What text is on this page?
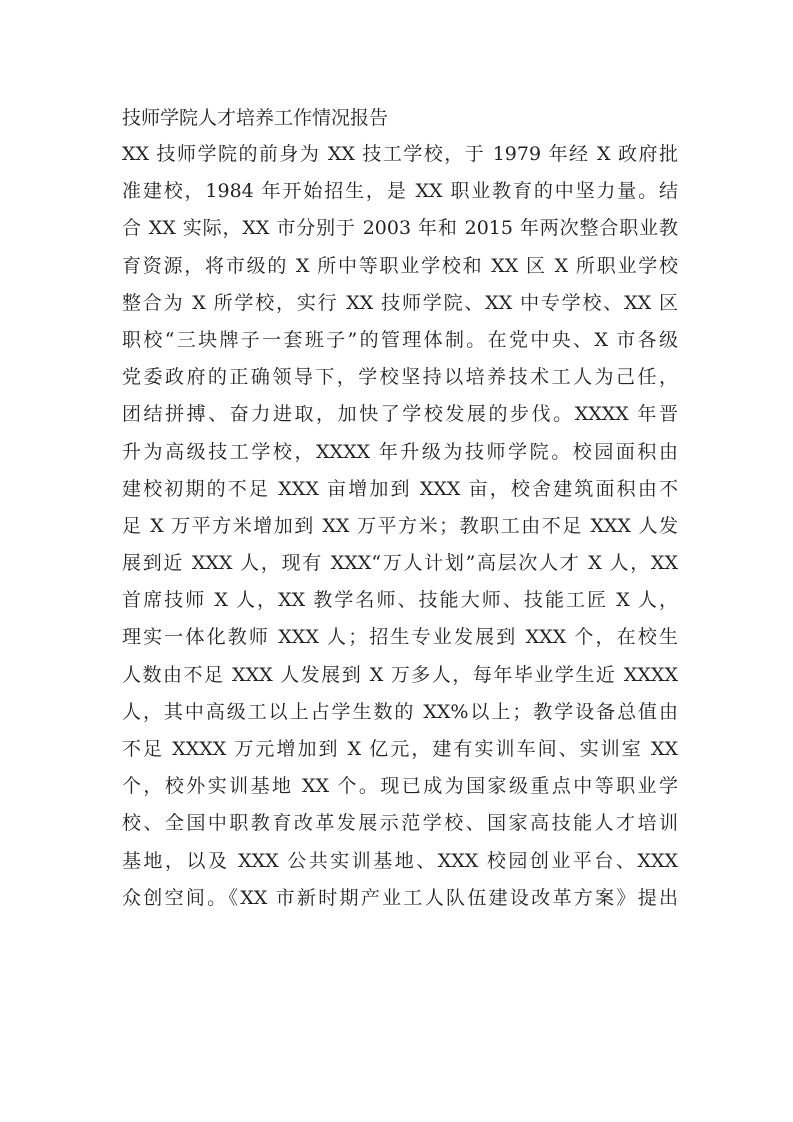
技师学院人才培养工作情况报告
XX 技师学院的前身为 XX 技工学校，于 1979 年经 X 政府批
准建校，1984 年开始招生，是 XX 职业教育的中坚力量。结
合 XX 实际，XX 市分别于 2003 年和 2015 年两次整合职业教
育资源，将市级的 X 所中等职业学校和 XX 区 X 所职业学校
整合为 X 所学校，实行 XX 技师学院、XX 中专学校、XX 区
职校“三块牌子一套班子”的管理体制。在党中央、X 市各级
党委政府的正确领导下，学校坚持以培养技术工人为己任，
团结拼搏、奋力进取，加快了学校发展的步伐。XXXX 年晋
升为高级技工学校，XXXX 年升级为技师学院。校园面积由
建校初期的不足 XXX 亩增加到 XXX 亩，校舍建筑面积由不
足 X 万平方米增加到 XX 万平方米；教职工由不足 XXX 人发
展到近 XXX 人，现有 XXX“万人计划”高层次人才 X 人，XX
首席技师 X 人，XX 教学名师、技能大师、技能工匠 X 人，
理实一体化教师 XXX 人；招生专业发展到 XXX 个，在校生
人数由不足 XXX 人发展到 X 万多人，每年毕业学生近 XXXX
人，其中高级工以上占学生数的 XX%以上；教学设备总值由
不足 XXXX 万元增加到 X 亿元，建有实训车间、实训室 XX
个，校外实训基地 XX 个。现已成为国家级重点中等职业学
校、全国中职教育改革发展示范学校、国家高技能人才培训
基地，以及 XXX 公共实训基地、XXX 校园创业平台、XXX
众创空间。《XX 市新时期产业工人队伍建设改革方案》提出
